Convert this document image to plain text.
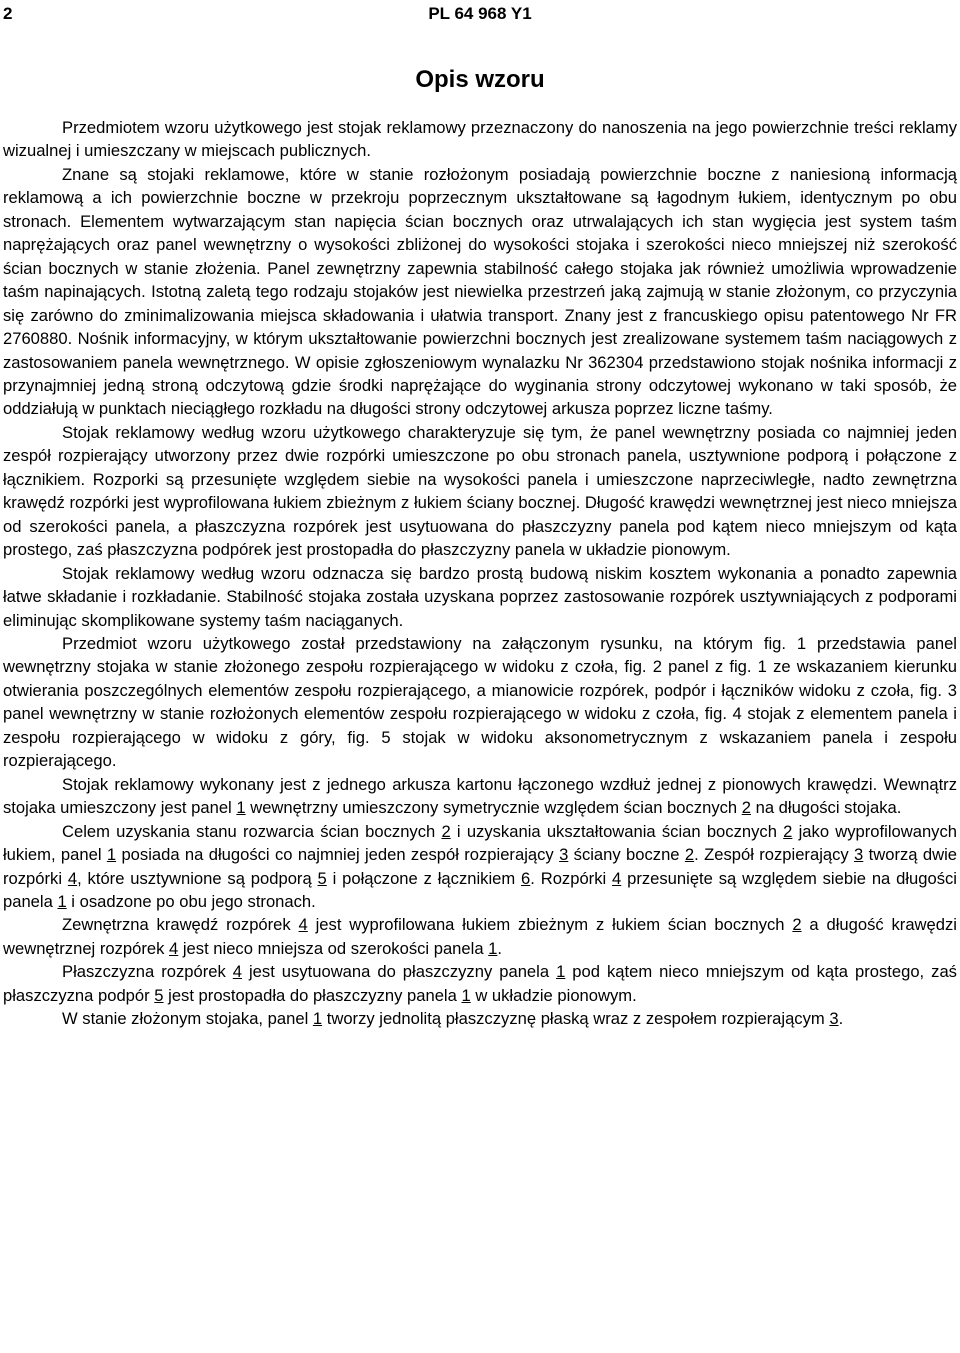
2	PL 64 968 Y1
Opis wzoru

Przedmiotem wzoru użytkowego jest stojak reklamowy przeznaczony do nanoszenia na jego powierzchnie treści reklamy wizualnej i umieszczany w miejscach publicznych.

Znane są stojaki reklamowe, które w stanie rozłożonym posiadają powierzchnie boczne z naniesioną informacją reklamową a ich powierzchnie boczne w przekroju poprzecznym ukształtowane są łagodnym łukiem, identycznym po obu stronach. Elementem wytwarzającym stan napięcia ścian bocznych oraz utrwalających ich stan wygięcia jest system taśm naprężających oraz panel wewnętrzny o wysokości zbliżonej do wysokości stojaka i szerokości nieco mniejszej niż szerokość ścian bocznych w stanie złożenia. Panel zewnętrzny zapewnia stabilność całego stojaka jak również umożliwia wprowadzenie taśm napinających. Istotną zaletą tego rodzaju stojaków jest niewielka przestrzeń jaką zajmują w stanie złożonym, co przyczynia się zarówno do zminimalizowania miejsca składowania i ułatwia transport. Znany jest z francuskiego opisu patentowego Nr FR 2760880. Nośnik informacyjny, w którym ukształtowanie powierzchni bocznych jest zrealizowane systemem taśm naciągowych z zastosowaniem panela wewnętrznego. W opisie zgłoszeniowym wynalazku Nr 362304 przedstawiono stojak nośnika informacji z przynajmniej jedną stroną odczytową gdzie środki naprężające do wyginania strony odczytowej wykonano w taki sposób, że oddziałują w punktach nieciągłego rozkładu na długości strony odczytowej arkusza poprzez liczne taśmy.

Stojak reklamowy według wzoru użytkowego charakteryzuje się tym, że panel wewnętrzny posiada co najmniej jeden zespół rozpierający utworzony przez dwie rozpórki umieszczone po obu stronach panela, usztywnione podporą i połączone z łącznikiem. Rozporki są przesunięte względem siebie na wysokości panela i umieszczone naprzeciwległe, nadto zewnętrzna krawędź rozpórki jest wyprofilowana łukiem zbieżnym z łukiem ściany bocznej. Długość krawędzi wewnętrznej jest nieco mniejsza od szerokości panela, a płaszczyzna rozpórek jest usytuowana do płaszczyzny panela pod kątem nieco mniejszym od kąta prostego, zaś płaszczyzna podpórek jest prostopadła do płaszczyzny panela w układzie pionowym.

Stojak reklamowy według wzoru odznacza się bardzo prostą budową niskim kosztem wykonania a ponadto zapewnia łatwe składanie i rozkładanie. Stabilność stojaka została uzyskana poprzez zastosowanie rozpórek usztywniających z podporami eliminując skomplikowane systemy taśm naciąganych.

Przedmiot wzoru użytkowego został przedstawiony na załączonym rysunku, na którym fig. 1 przedstawia panel wewnętrzny stojaka w stanie złożonego zespołu rozpierającego w widoku z czoła, fig. 2 panel z fig. 1 ze wskazaniem kierunku otwierania poszczególnych elementów zespołu rozpierającego, a mianowicie rozpórek, podpór i łączników widoku z czoła, fig. 3 panel wewnętrzny w stanie rozłożonych elementów zespołu rozpierającego w widoku z czoła, fig. 4 stojak z elementem panela i zespołu rozpierającego w widoku z góry, fig. 5 stojak w widoku aksonometrycznym z wskazaniem panela i zespołu rozpierającego.

Stojak reklamowy wykonany jest z jednego arkusza kartonu łączonego wzdłuż jednej z pionowych krawędzi. Wewnątrz stojaka umieszczony jest panel 1 wewnętrzny umieszczony symetrycznie względem ścian bocznych 2 na długości stojaka.

Celem uzyskania stanu rozwarcia ścian bocznych 2 i uzyskania ukształtowania ścian bocznych 2 jako wyprofilowanych łukiem, panel 1 posiada na długości co najmniej jeden zespół rozpierający 3 ściany boczne 2. Zespół rozpierający 3 tworzą dwie rozpórki 4, które usztywnione są podporą 5 i połączone z łącznikiem 6. Rozpórki 4 przesunięte są względem siebie na długości panela 1 i osadzone po obu jego stronach.

Zewnętrzna krawędź rozpórek 4 jest wyprofilowana łukiem zbieżnym z łukiem ścian bocznych 2 a długość krawędzi wewnętrznej rozpórek 4 jest nieco mniejsza od szerokości panela 1.

Płaszczyzna rozpórek 4 jest usytuowana do płaszczyzny panela 1 pod kątem nieco mniejszym od kąta prostego, zaś płaszczyzna podpór 5 jest prostopadła do płaszczyzny panela 1 w układzie pionowym.

W stanie złożonym stojaka, panel 1 tworzy jednolitą płaszczyznę płaską wraz z zespołem rozpierającym 3.
